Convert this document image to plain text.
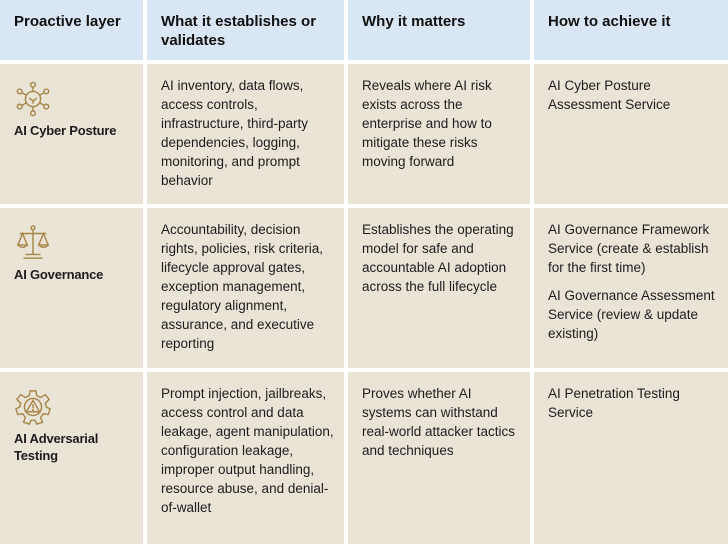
Proactive layer	What it establishes or validates
Why it matters	How to achieve it
AI Cyber Posture
AI inventory, data flows, access controls, infrastructure, third-party dependencies, logging, monitoring, and prompt behavior
Reveals where AI risk exists across the enterprise and how to mitigate these risks moving forward
AI Cyber Posture Assessment Service
AI Governance
Accountability, decision rights, policies, risk criteria, lifecycle approval gates, exception management, regulatory alignment, assurance, and executive reporting
Establishes the operating model for safe and accountable AI adoption across the full lifecycle
AI Governance Framework Service (create & establish for the first time)
AI Governance Assessment Service (review & update existing)
AI Adversarial Testing
Prompt injection, jailbreaks, access control and data leakage, agent manipulation, configuration leakage, improper output handling, resource abuse, and denial-of-wallet
Proves whether AI systems can withstand real-world attacker tactics and techniques
AI Penetration Testing Service
